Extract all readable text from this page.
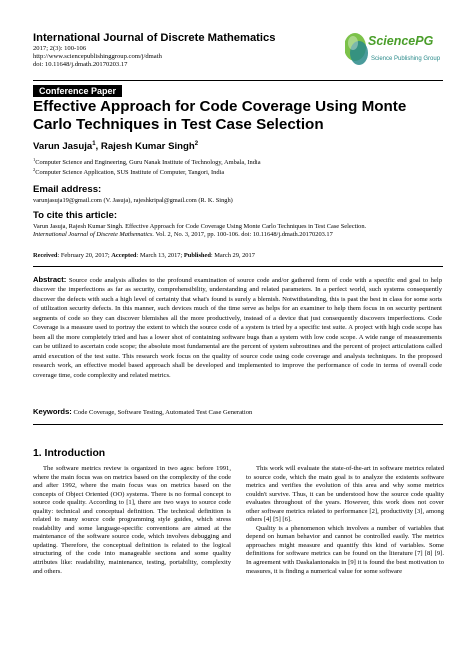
International Journal of Discrete Mathematics
2017; 2(3): 100-106
http://www.sciencepublishinggroup.com/j/dmath
doi: 10.11648/j.dmath.20170203.17
SciencePG
Science Publishing Group
Conference Paper
Effective Approach for Code Coverage Using Monte Carlo Techniques in Test Case Selection
Varun Jasuja$^1$, Rajesh Kumar Singh$^2$
$^1$Computer Science and Engineering, Guru Nanak Institute of Technology, Ambala, India
$^2$Computer Science Application, SUS Institute of Computer, Tangori, India
Email address:
varunjasuja19@gmail.com (V. Jasuja), rajeshkripal@gmail.com (R. K. Singh)
To cite this article:
Varun Jasuja, Rajesh Kumar Singh. Effective Approach for Code Coverage Using Monte Carlo Techniques in Test Case Selection.
International Journal of Discrete Mathematics. Vol. 2, No. 3, 2017, pp. 100-106. doi: 10.11648/j.dmath.20170203.17
Received: February 20, 2017; Accepted: March 13, 2017; Published: March 29, 2017
Abstract: Source code analysis alludes to the profound examination of source code and/or gathered form of code with a specific end goal to help discover the imperfections as far as security, comprehensibility, understanding and related parameters. In a perfect world, such systems consequently discover the defects with such a high level of certainty that what's found is surely a blemish. Notwithstanding, this is past the best in class for some sorts of utilization security defects. In this manner, such devices much of the time serve as helps for an examiner to help them focus in on security pertinent segments of code so they can discover blemishes all the more productively, instead of a device that just consequently discovers imperfections. Code Coverage is a measure used to portray the extent to which the source code of a system is tried by a specific test suite. A project with high code scope has been all the more completely tried and has a lower shot of containing software bugs than a system with low code scope. A wide range of measurements can be utilized to ascertain code scope; the absolute most fundamental are the percent of system subroutines and the percent of project articulations called amid execution of the test suite. This research work focus on the quality of source code using code coverage and analysis techniques. In the proposed research work, an effective model based approach shall be developed and implemented to improve the performance of code in terms of overall code coverage time, code complexity and related metrics.
Keywords: Code Coverage, Software Testing, Automated Test Case Generation
1. Introduction
The software metrics review is organized in two ages: before 1991, where the main focus was on metrics based on the complexity of the code and after 1992, where the main focus was on metrics based on the concepts of Object Oriented (OO) systems. There is no formal concept to source code quality. According to [1], there are two ways to source code quality: technical and conceptual definition. The technical definition is related to many source code programming style guides, which stress readability and some language-specific conventions are aimed at the maintenance of the software source code, which involves debugging and updating. Therefore, the conceptual definition is related to the logical structuring of the code into manageable sections and some quality attributes like: readability, maintenance, testing, portability, complexity and others.
This work will evaluate the state-of-the-art in software metrics related to source code, which the main goal is to analyze the existents software metrics and verifies the evolution of this area and why some metrics couldn't survive. Thus, it can be understood how the source code quality evaluates throughout of the years. However, this work does not cover other software metrics related to performance [2], productivity [3], among others [4] [5] [6].
Quality is a phenomenon which involves a number of variables that depend on human behavior and cannot be controlled easily. The metrics approaches might measure and quantify this kind of variables. Some definitions for software metrics can be found on the literature [7] [8] [9]. In agreement with Daskalantonakis in [9] it is found the best motivation to measures, it is finding a numerical value for some software
